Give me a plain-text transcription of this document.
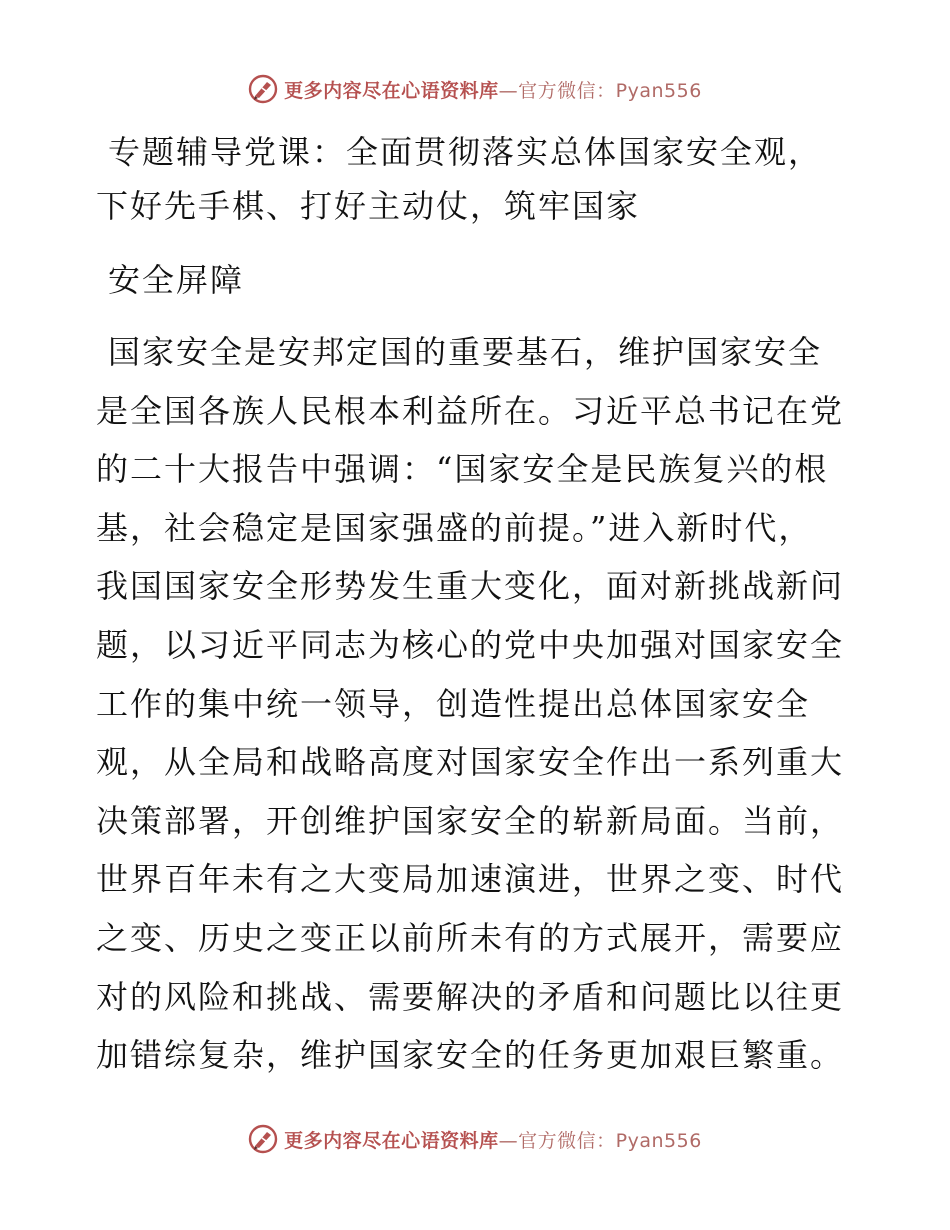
更多内容尽在心语资料库 —官方微信：Pyan556
专题辅导党课：全面贯彻落实总体国家安全观，
下好先手棋、打好主动仗，筑牢国家
安全屏障
国家安全是安邦定国的重要基石，维护国家安全
是全国各族人民根本利益所在。习近平总书记在党
的二十大报告中强调：“国家安全是民族复兴的根
基，社会稳定是国家强盛的前提。”进入新时代，
我国国家安全形势发生重大变化，面对新挑战新问
题，以习近平同志为核心的党中央加强对国家安全
工作的集中统一领导，创造性提出总体国家安全
观，从全局和战略高度对国家安全作出一系列重大
决策部署，开创维护国家安全的崭新局面。当前，
世界百年未有之大变局加速演进，世界之变、时代
之变、历史之变正以前所未有的方式展开，需要应
对的风险和挑战、需要解决的矛盾和问题比以往更
加错综复杂，维护国家安全的任务更加艰巨繁重。
更多内容尽在心语资料库 —官方微信：Pyan556
